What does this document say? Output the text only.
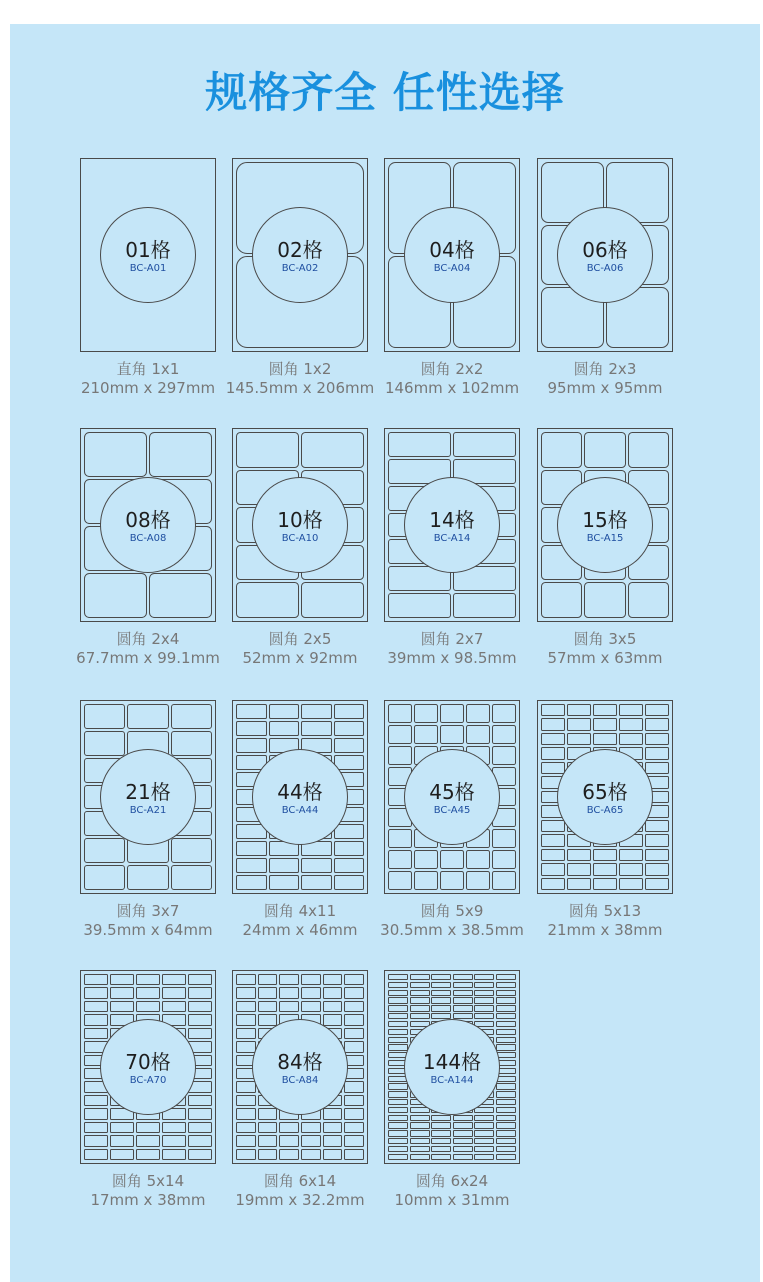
规格齐全 任性选择
01格
BC-A01
直角 1x1
210mm x 297mm
02格
BC-A02
圆角 1x2
145.5mm x 206mm
04格
BC-A04
圆角 2x2
146mm x 102mm
06格
BC-A06
圆角 2x3
95mm x 95mm
08格
BC-A08
圆角 2x4
67.7mm x 99.1mm
10格
BC-A10
圆角 2x5
52mm x 92mm
14格
BC-A14
圆角 2x7
39mm x 98.5mm
15格
BC-A15
圆角 3x5
57mm x 63mm
21格
BC-A21
圆角 3x7
39.5mm x 64mm
44格
BC-A44
圆角 4x11
24mm x 46mm
45格
BC-A45
圆角 5x9
30.5mm x 38.5mm
65格
BC-A65
圆角 5x13
21mm x 38mm
70格
BC-A70
圆角 5x14
17mm x 38mm
84格
BC-A84
圆角 6x14
19mm x 32.2mm
144格
BC-A144
圆角 6x24
10mm x 31mm
